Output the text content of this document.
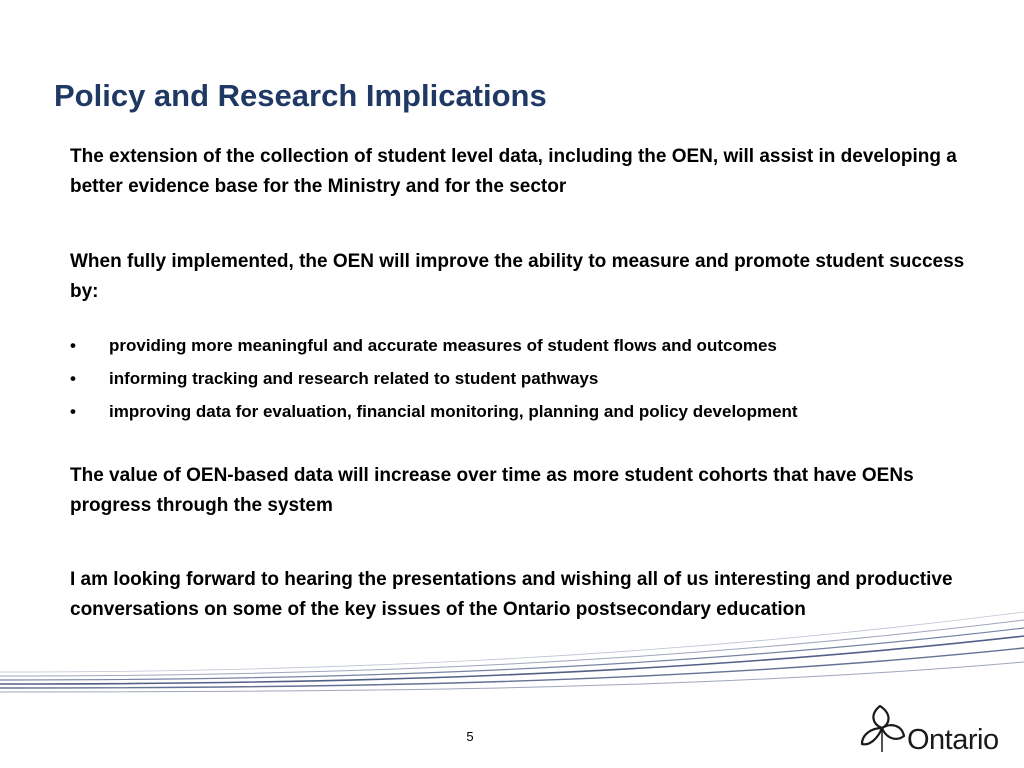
Policy and Research Implications

The extension of the collection of student level data, including the OEN, will assist in developing a better evidence base for the Ministry and for the sector

When fully implemented, the OEN will improve the ability to measure and promote student success by:

• providing more meaningful and accurate measures of student flows and outcomes
• informing tracking and research related to student pathways
• improving data for evaluation, financial monitoring, planning and policy development

The value of OEN-based data will increase over time as more student cohorts that have OENs progress through the system

I am looking forward to hearing the presentations and wishing all of us interesting and productive conversations on some of the key issues of the Ontario postsecondary education

5	Ontario
